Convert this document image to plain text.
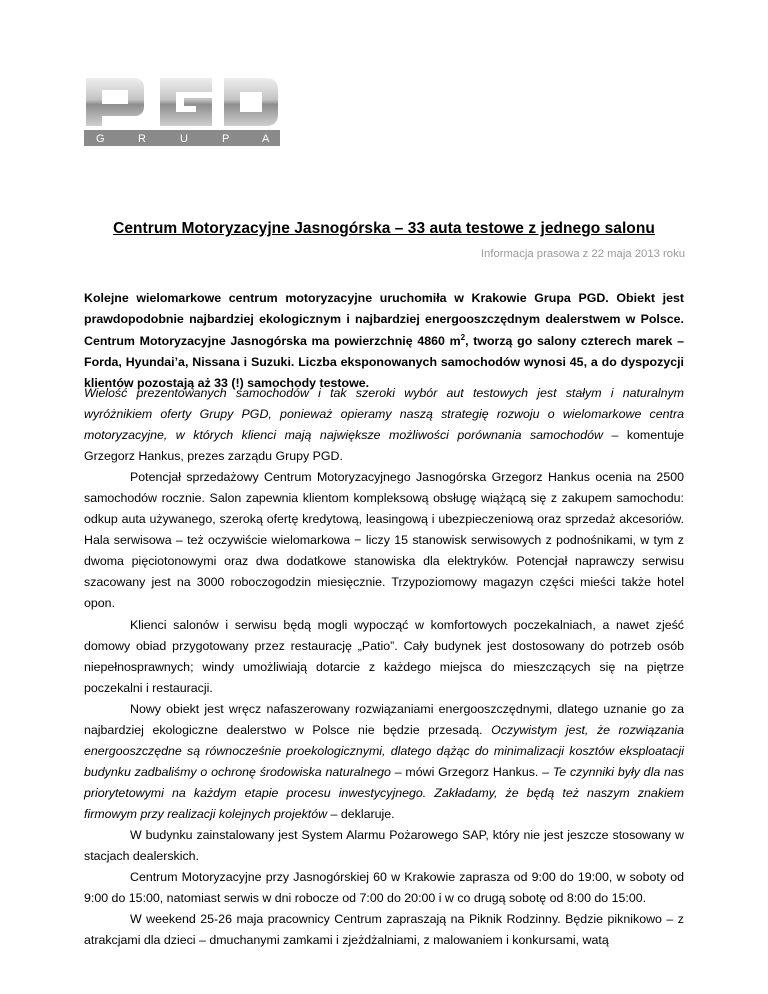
G	R	U	P	A
Centrum Motoryzacyjne Jasnogórska – 33 auta testowe z jednego salonu
Informacja prasowa z 22 maja 2013 roku
Kolejne wielomarkowe centrum motoryzacyjne uruchomiła w Krakowie Grupa PGD. Obiekt jest prawdopodobnie najbardziej ekologicznym i najbardziej energooszczędnym dealerstwem w Polsce. Centrum Motoryzacyjne Jasnogórska ma powierzchnię 4860 $m^2$, tworzą go salony czterech marek – Forda, Hyundai’a, Nissana i Suzuki. Liczba eksponowanych samochodów wynosi 45, a do dyspozycji klientów pozostają aż 33 (!) samochody testowe.

Wielość prezentowanych samochodów i tak szeroki wybór aut testowych jest stałym i naturalnym wyróżnikiem oferty Grupy PGD, ponieważ opieramy naszą strategię rozwoju o wielomarkowe centra motoryzacyjne, w których klienci mają największe możliwości porównania samochodów – komentuje Grzegorz Hankus, prezes zarządu Grupy PGD.

Potencjał sprzedażowy Centrum Motoryzacyjnego Jasnogórska Grzegorz Hankus ocenia na 2500 samochodów rocznie. Salon zapewnia klientom kompleksową obsługę wiążącą się z zakupem samochodu: odkup auta używanego, szeroką ofertę kredytową, leasingową i ubezpieczeniową oraz sprzedaż akcesoriów. Hala serwisowa – też oczywiście wielomarkowa − liczy 15 stanowisk serwisowych z podnośnikami, w tym z dwoma pięciotonowymi oraz dwa dodatkowe stanowiska dla elektryków. Potencjał naprawczy serwisu szacowany jest na 3000 roboczogodzin miesięcznie. Trzypoziomowy magazyn części mieści także hotel opon.

Klienci salonów i serwisu będą mogli wypocząć w komfortowych poczekalniach, a nawet zjeść domowy obiad przygotowany przez restaurację „Patio”. Cały budynek jest dostosowany do potrzeb osób niepełnosprawnych; windy umożliwiają dotarcie z każdego miejsca do mieszczących się na piętrze poczekalni i restauracji.

Nowy obiekt jest wręcz nafaszerowany rozwiązaniami energooszczędnymi, dlatego uznanie go za najbardziej ekologiczne dealerstwo w Polsce nie będzie przesadą. Oczywistym jest, że rozwiązania energooszczędne są równocześnie proekologicznymi, dlatego dążąc do minimalizacji kosztów eksploatacji budynku zadbaliśmy o ochronę środowiska naturalnego – mówi Grzegorz Hankus. – Te czynniki były dla nas priorytetowymi na każdym etapie procesu inwestycyjnego. Zakładamy, że będą też naszym znakiem firmowym przy realizacji kolejnych projektów – deklaruje.

W budynku zainstalowany jest System Alarmu Pożarowego SAP, który nie jest jeszcze stosowany w stacjach dealerskich.

Centrum Motoryzacyjne przy Jasnogórskiej 60 w Krakowie zaprasza od 9:00 do 19:00, w soboty od 9:00 do 15:00, natomiast serwis w dni robocze od 7:00 do 20:00 i w co drugą sobotę od 8:00 do 15:00.

W weekend 25-26 maja pracownicy Centrum zapraszają na Piknik Rodzinny. Będzie piknikowo – z atrakcjami dla dzieci – dmuchanymi zamkami i zjeżdżalniami, z malowaniem i konkursami, watą
